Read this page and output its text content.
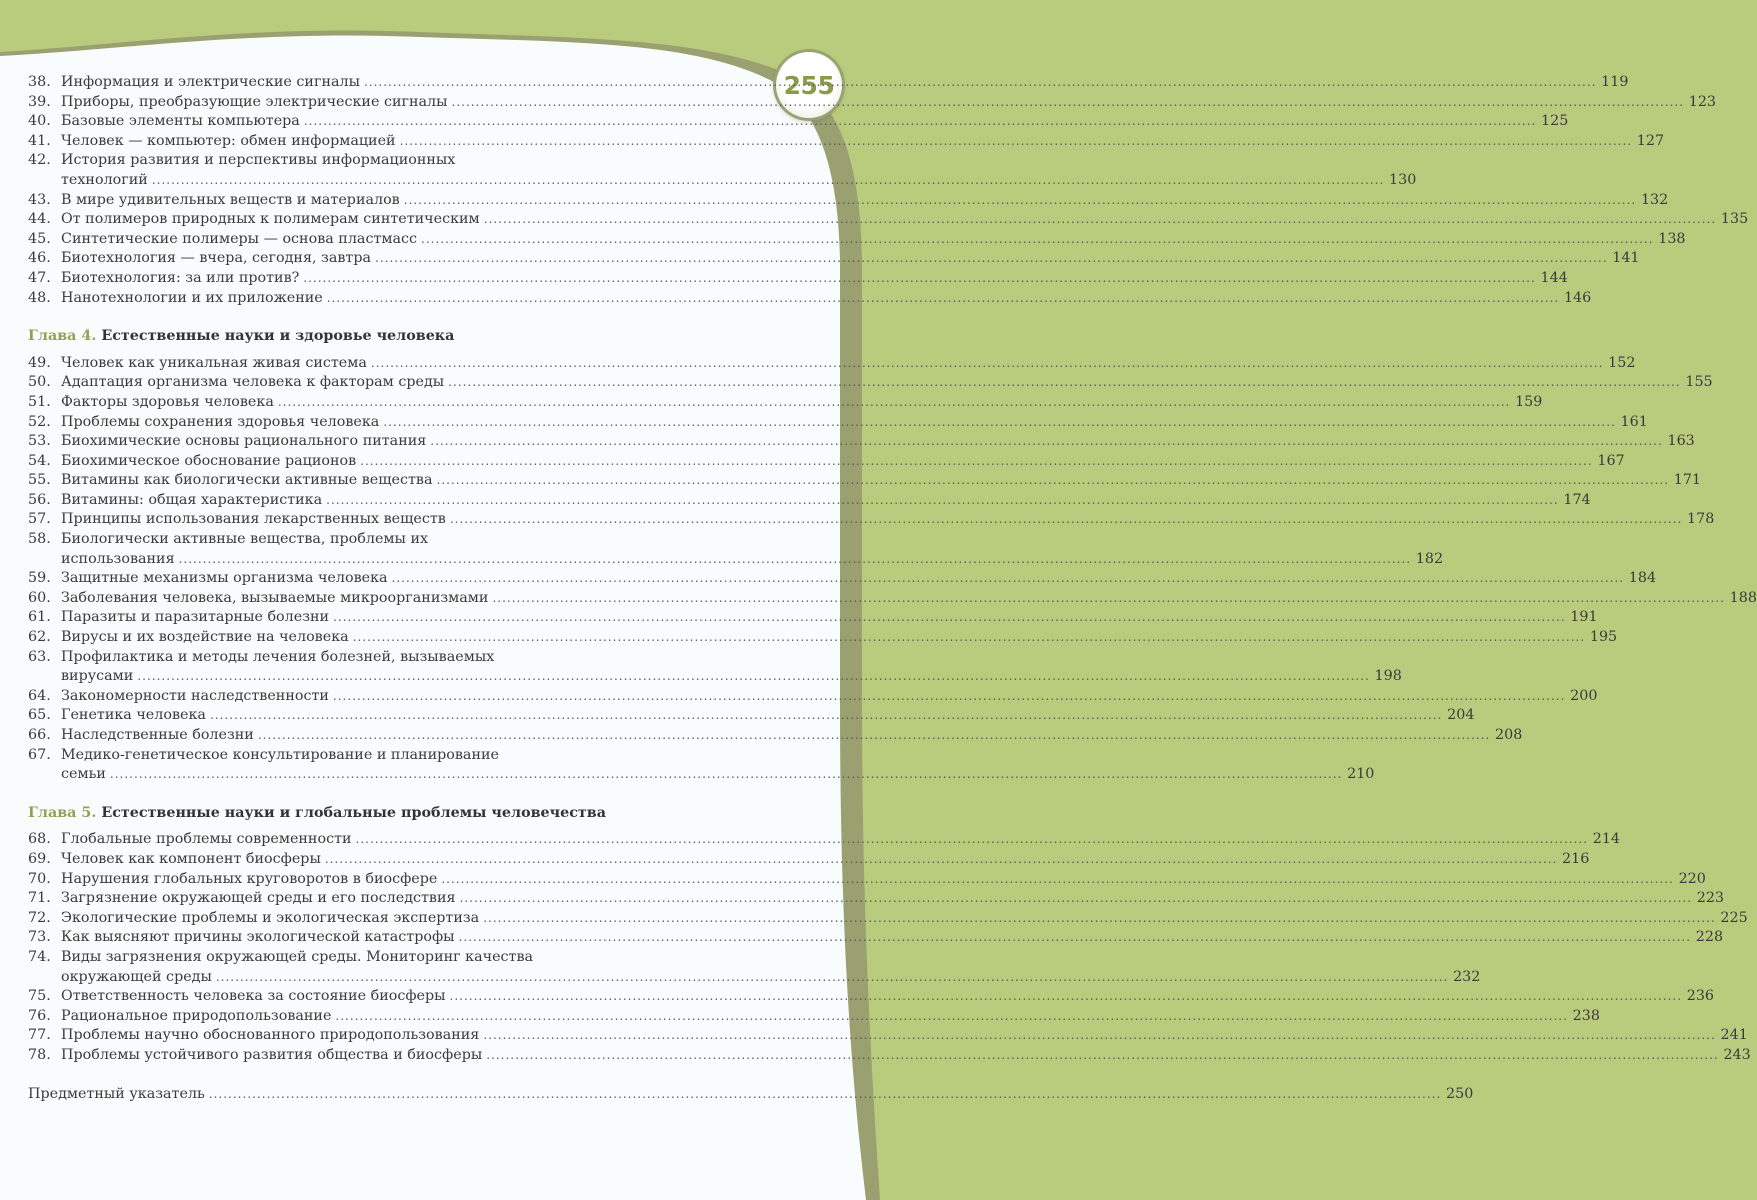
255
38. Информация и электрические сигналы .....	119
39. Приборы, преобразующие электрические сигналы .....	123
40. Базовые элементы компьютера .....	125
41. Человек — компьютер: обмен информацией .....	127
42. История развития и перспективы информационных
технологий .....	130
43. В мире удивительных веществ и материалов .....	132
44. От полимеров природных к полимерам синтетическим .....	135
45. Синтетические полимеры — основа пластмасс .....	138
46. Биотехнология — вчера, сегодня, завтра .....	141
47. Биотехнология: за или против? .....	144
48. Нанотехнологии и их приложение .....	146
Глава 4. Естественные науки и здоровье человека
49. Человек как уникальная живая система .....	152
50. Адаптация организма человека к факторам среды .....	155
51. Факторы здоровья человека .....	159
52. Проблемы сохранения здоровья человека .....	161
53. Биохимические основы рационального питания .....	163
54. Биохимическое обоснование рационов .....	167
55. Витамины как биологически активные вещества .....	171
56. Витамины: общая характеристика .....	174
57. Принципы использования лекарственных веществ .....	178
58. Биологически активные вещества, проблемы их
использования .....	182
59. Защитные механизмы организма человека .....	184
60. Заболевания человека, вызываемые микроорганизмами .....	188
61. Паразиты и паразитарные болезни .....	191
62. Вирусы и их воздействие на человека .....	195
63. Профилактика и методы лечения болезней, вызываемых
вирусами .....	198
64. Закономерности наследственности .....	200
65. Генетика человека .....	204
66. Наследственные болезни .....	208
67. Медико-генетическое консультирование и планирование
семьи .....	210
Глава 5. Естественные науки и глобальные проблемы человечества
68. Глобальные проблемы современности .....	214
69. Человек как компонент биосферы .....	216
70. Нарушения глобальных круговоротов в биосфере .....	220
71. Загрязнение окружающей среды и его последствия .....	223
72. Экологические проблемы и экологическая экспертиза .....	225
73. Как выясняют причины экологической катастрофы .....	228
74. Виды загрязнения окружающей среды. Мониторинг качества
окружающей среды .....	232
75. Ответственность человека за состояние биосферы .....	236
76. Рациональное природопользование .....	238
77. Проблемы научно обоснованного природопользования .....	241
78. Проблемы устойчивого развития общества и биосферы .....	243
Предметный указатель .....	250
